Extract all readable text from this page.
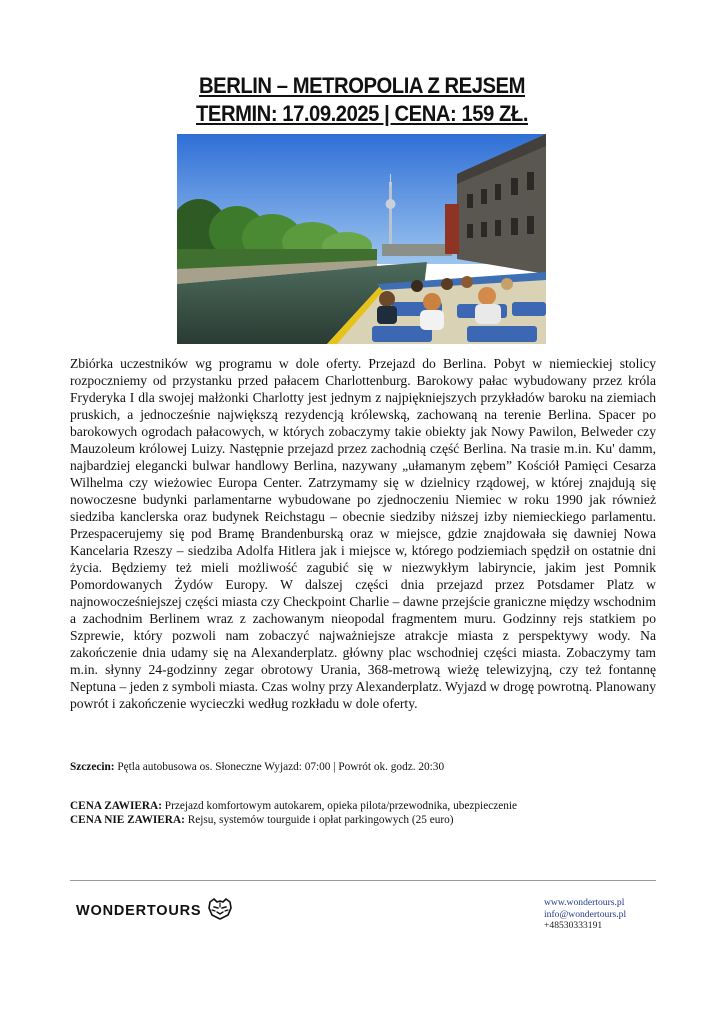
BERLIN – METROPOLIA Z REJSEM
TERMIN: 17.09.2025 | CENA: 159 ZŁ.
Zbiórka uczestników wg programu w dole oferty. Przejazd do Berlina. Pobyt w niemieckiej stolicy rozpoczniemy od przystanku przed pałacem Charlottenburg. Barokowy pałac wybudowany przez króla Fryderyka I dla swojej małżonki Charlotty jest jednym z najpiękniejszych przykładów baroku na ziemiach pruskich, a jednocześnie największą rezydencją królewską, zachowaną na terenie Berlina. Spacer po barokowych ogrodach pałacowych, w których zobaczymy takie obiekty jak Nowy Pawilon, Belweder czy Mauzoleum królowej Luizy. Następnie przejazd przez zachodnią część Berlina. Na trasie m.in. Ku' damm, najbardziej elegancki bulwar handlowy Berlina, nazywany „ułamanym zębem” Kościół Pamięci Cesarza Wilhelma czy wieżowiec Europa Center. Zatrzymamy się w dzielnicy rządowej, w której znajdują się nowoczesne budynki parlamentarne wybudowane po zjednoczeniu Niemiec w roku 1990 jak również siedziba kanclerska oraz budynek Reichstagu – obecnie siedziby niższej izby niemieckiego parlamentu. Przespacerujemy się pod Bramę Brandenburską oraz w miejsce, gdzie znajdowała się dawniej Nowa Kancelaria Rzeszy – siedziba Adolfa Hitlera jak i miejsce w, którego podziemiach spędził on ostatnie dni życia. Będziemy też mieli możliwość zagubić się w niezwykłym labiryncie, jakim jest Pomnik Pomordowanych Żydów Europy. W dalszej części dnia przejazd przez Potsdamer Platz w najnowocześniejszej części miasta czy Checkpoint Charlie – dawne przejście graniczne między wschodnim a zachodnim Berlinem wraz z zachowanym nieopodal fragmentem muru. Godzinny rejs statkiem po Szprewie, który pozwoli nam zobaczyć najważniejsze atrakcje miasta z perspektywy wody. Na zakończenie dnia udamy się na Alexanderplatz. główny plac wschodniej części miasta. Zobaczymy tam m.in. słynny 24-godzinny zegar obrotowy Urania, 368-metrową wieżę telewizyjną, czy też fontannę Neptuna – jeden z symboli miasta. Czas wolny przy Alexanderplatz. Wyjazd w drogę powrotną. Planowany powrót i zakończenie wycieczki według rozkładu w dole oferty.
Szczecin: Pętla autobusowa os. Słoneczne Wyjazd: 07:00 | Powrót ok. godz. 20:30
CENA ZAWIERA: Przejazd komfortowym autokarem, opieka pilota/przewodnika, ubezpieczenie
CENA NIE ZAWIERA: Rejsu, systemów tourguide i opłat parkingowych (25 euro)
WONDERTOURS
www.wondertours.pl
info@wondertours.pl
+48530333191
